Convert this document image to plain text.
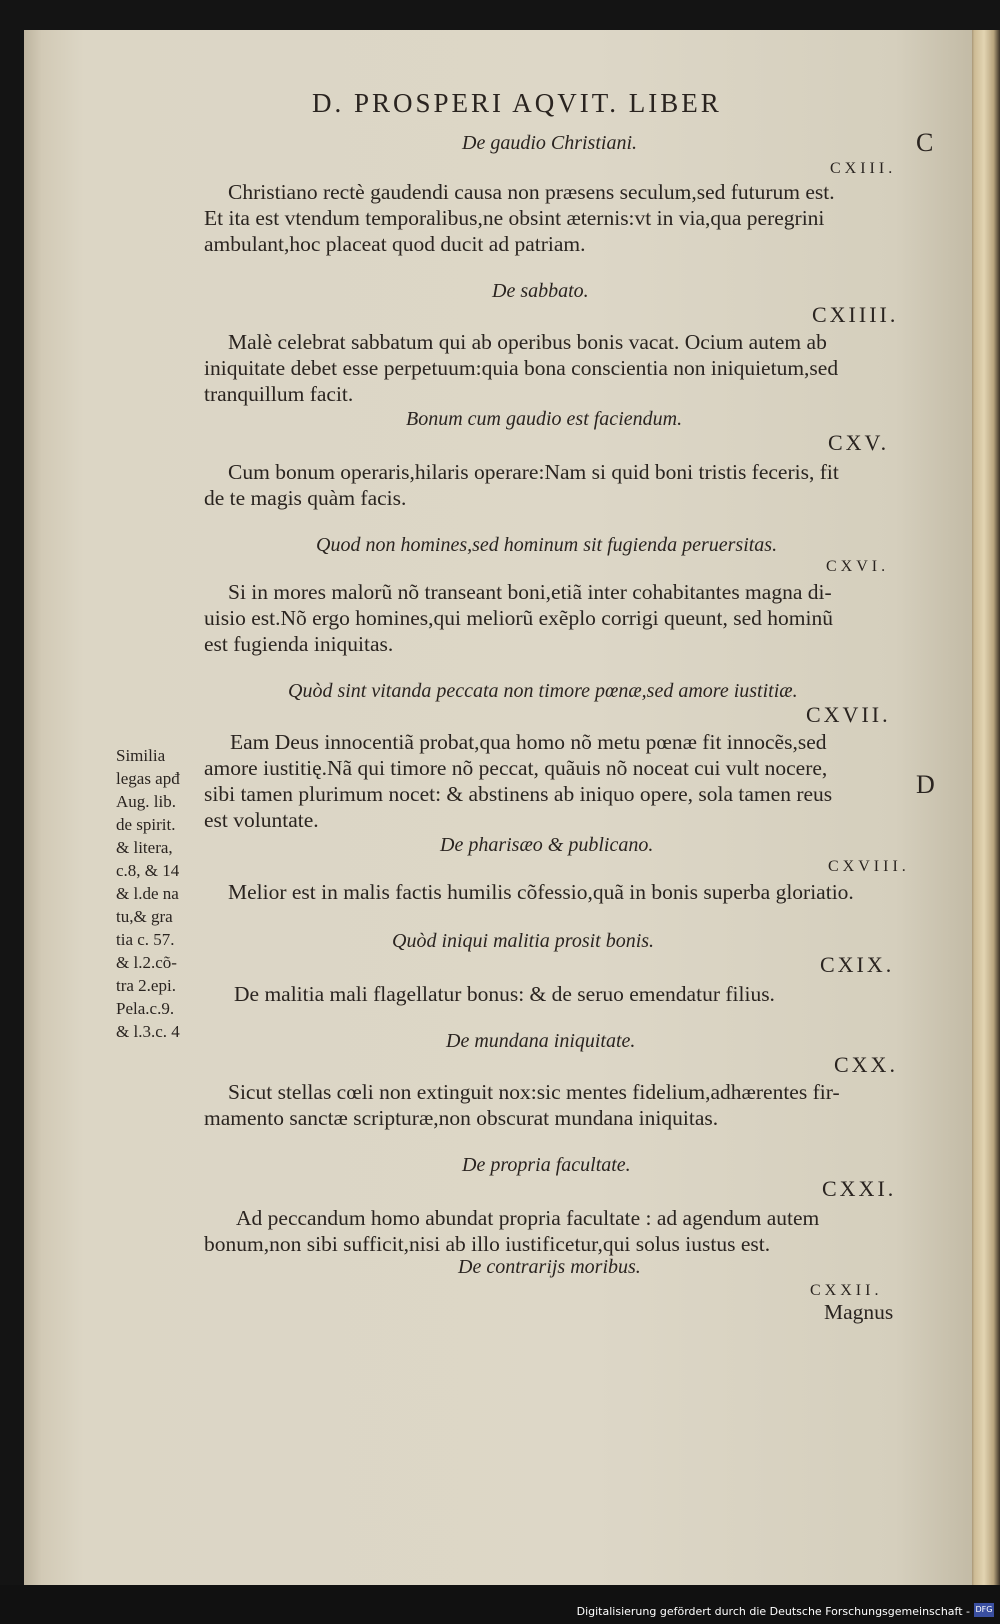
D. PROSPERI AQVIT. LIBER
C
D
De gaudio Christiani.
CXIII.
Christiano rectè gaudendi causa non præsens seculum,sed futurum est.
Et ita est vtendum temporalibus,ne obsint æternis:vt in via,qua peregrini
ambulant,hoc placeat quod ducit ad patriam.
De sabbato.
CXIIII.
Malè celebrat sabbatum qui ab operibus bonis vacat. Ocium autem ab
iniquitate debet esse perpetuum:quia bona conscientia non iniquietum,sed
tranquillum facit.
Bonum cum gaudio est faciendum.
CXV.
Cum bonum operaris,hilaris operare:Nam si quid boni tristis feceris, fit
de te magis quàm facis.
Quod non homines,sed hominum sit fugienda peruersitas.
CXVI.
Si in mores malorũ nõ transeant boni,etiã inter cohabitantes magna di-
uisio est.Nõ ergo homines,qui meliorũ exẽplo corrigi queunt, sed hominũ
est fugienda iniquitas.
Quòd sint vitanda peccata non timore pœnæ,sed amore iustitiæ.
CXVII.
Eam Deus innocentiã probat,qua homo nõ metu pœnæ fit innocẽs,sed
amore iustitię.Nã qui timore nõ peccat, quãuis nõ noceat cui vult nocere,
sibi tamen plurimum nocet: & abstinens ab iniquo opere, sola tamen reus
est voluntate.
Similia
legas apđ
Aug. lib.
de spirit.
& litera,
c.8, & 14
& l.de na
tu,& gra
tia c. 57.
& l.2.cõ-
tra 2.epi.
Pela.c.9.
& l.3.c. 4
De pharisæo & publicano.
CXVIII.
Melior est in malis factis humilis cõfessio,quã in bonis superba gloriatio.
Quòd iniqui malitia prosit bonis.
CXIX.
De malitia mali flagellatur bonus: & de seruo emendatur filius.
De mundana iniquitate.
CXX.
Sicut stellas cœli non extinguit nox:sic mentes fidelium,adhærentes fir-
mamento sanctæ scripturæ,non obscurat mundana iniquitas.
De propria facultate.
CXXI.
Ad peccandum homo abundat propria facultate : ad agendum autem
bonum,non sibi sufficit,nisi ab illo iustificetur,qui solus iustus est.
De contrarijs moribus.
CXXII.
Magnus
Digitalisierung gefördert durch die Deutsche Forschungsgemeinschaft - DFG
